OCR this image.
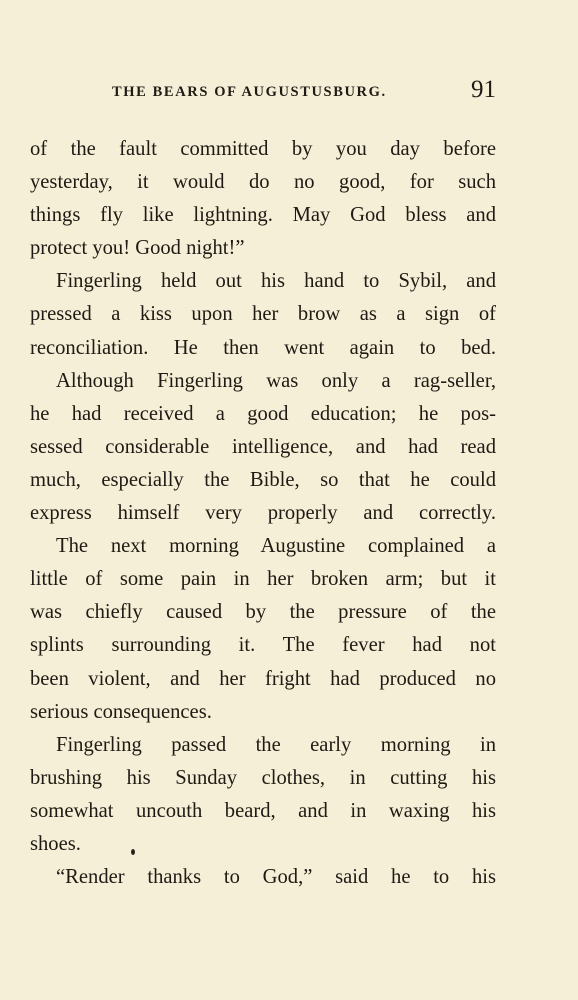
THE BEARS OF AUGUSTUSBURG.	91
of the fault committed by you day before
yesterday, it would do no good, for such
things fly like lightning. May God bless and
protect you! Good night!”
Fingerling held out his hand to Sybil, and
pressed a kiss upon her brow as a sign of
reconciliation. He then went again to bed.
Although Fingerling was only a rag-seller,
he had received a good education; he pos-
sessed considerable intelligence, and had read
much, especially the Bible, so that he could
express himself very properly and correctly.
The next morning Augustine complained a
little of some pain in her broken arm; but it
was chiefly caused by the pressure of the
splints surrounding it. The fever had not
been violent, and her fright had produced no
serious consequences.
Fingerling passed the early morning in
brushing his Sunday clothes, in cutting his
somewhat uncouth beard, and in waxing his
shoes.
“Render thanks to God,” said he to his
